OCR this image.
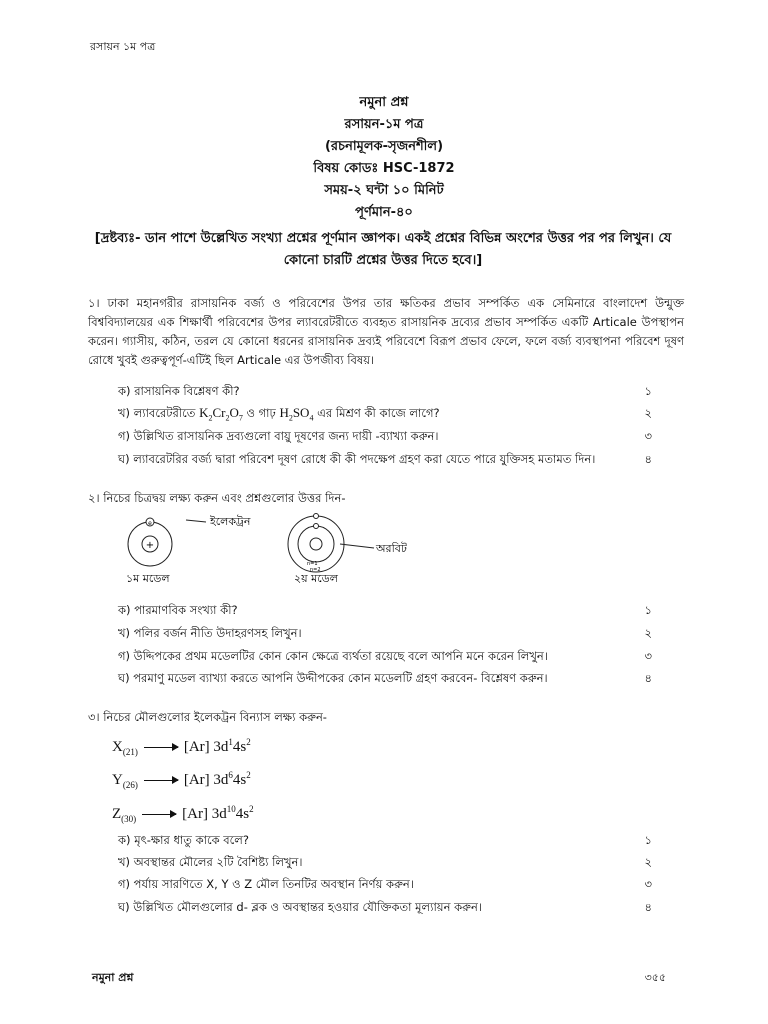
রসায়ন ১ম পত্র
নমুনা প্রশ্ন
রসায়ন-১ম পত্র
(রচনামূলক-সৃজনশীল)
বিষয় কোডঃ HSC-1872
সময়-২ ঘন্টা ১০ মিনিট
পূর্ণমান-৪০
[দ্রষ্টব্যঃ- ডান পাশে উল্লেখিত সংখ্যা প্রশ্নের পূর্ণমান জ্ঞাপক। একই প্রশ্নের বিভিন্ন অংশের উত্তর পর পর লিখুন। যে কোনো চারটি প্রশ্নের উত্তর দিতে হবে।]
১। ঢাকা মহানগরীর রাসায়নিক বর্জ্য ও পরিবেশের উপর তার ক্ষতিকর প্রভাব সম্পর্কিত এক সেমিনারে বাংলাদেশ উন্মুক্ত বিশ্ববিদ্যালয়ের এক শিক্ষার্থী পরিবেশের উপর ল্যাবরেটরীতে ব্যবহৃত রাসায়নিক দ্রব্যের প্রভাব সম্পর্কিত একটি Articale উপস্থাপন করেন। গ্যাসীয়, কঠিন, তরল যে কোনো ধরনের রাসায়নিক দ্রব্যই পরিবেশে বিরূপ প্রভাব ফেলে, ফলে বর্জ্য ব্যবস্থাপনা পরিবেশ দূষণ রোধে খুবই গুরুত্বপূর্ণ-এটিই ছিল Articale এর উপজীব্য বিষয়।
ক) রাসায়নিক বিশ্লেষণ কী?	১
খ) ল্যাবরেটরীতে $K_2Cr_2O_7$ ও গাঢ় $H_2SO_4$ এর মিশ্রণ কী কাজে লাগে?	২
গ) উল্লিখিত রাসায়নিক দ্রব্যগুলো বায়ু দূষণের জন্য দায়ী -ব্যাখ্যা করুন।	৩
ঘ) ল্যাবরেটরির বর্জ্য দ্বারা পরিবেশ দূষণ রোধে কী কী পদক্ষেপ গ্রহণ করা যেতে পারে যুক্তিসহ মতামত দিন।	৪
২। নিচের চিত্রদ্বয় লক্ষ্য করুন এবং প্রশ্নগুলোর উত্তর দিন-
+
e
১ম মডেল
ইলেকট্রন
n=1
n=2
২য় মডেল
অরবিট
ক) পারমাণবিক সংখ্যা কী?	১
খ) পলির বর্জন নীতি উদাহরণসহ লিখুন।	২
গ) উদ্দিপকের প্রথম মডেলটির কোন কোন ক্ষেত্রে ব্যর্থতা রয়েছে বলে আপনি মনে করেন লিখুন।	৩
ঘ) পরমাণু মডেল ব্যাখ্যা করতে আপনি উদ্দীপকের কোন মডেলটি গ্রহণ করবেন- বিশ্লেষণ করুন।	৪
৩। নিচের মৌলগুলোর ইলেকট্রন বিন্যাস লক্ষ্য করুন-
$X_{(21)}$	[Ar] $3d^14s^2$
$Y_{(26)}$	[Ar] $3d^64s^2$
$Z_{(30)}$	[Ar] $3d^{10}4s^2$
ক) মৃৎ-ক্ষার ধাতু কাকে বলে?	১
খ) অবস্থান্তর মৌলের ২টি বৈশিষ্ট্য লিখুন।	২
গ) পর্যায় সারণিতে X, Y ও Z মৌল তিনটির অবস্থান নির্ণয় করুন।	৩
ঘ) উল্লিখিত মৌলগুলোর d- ব্লক ও অবস্থান্তর হওয়ার যৌক্তিকতা মূল্যায়ন করুন।	৪
নমুনা প্রশ্ন	৩৫৫
